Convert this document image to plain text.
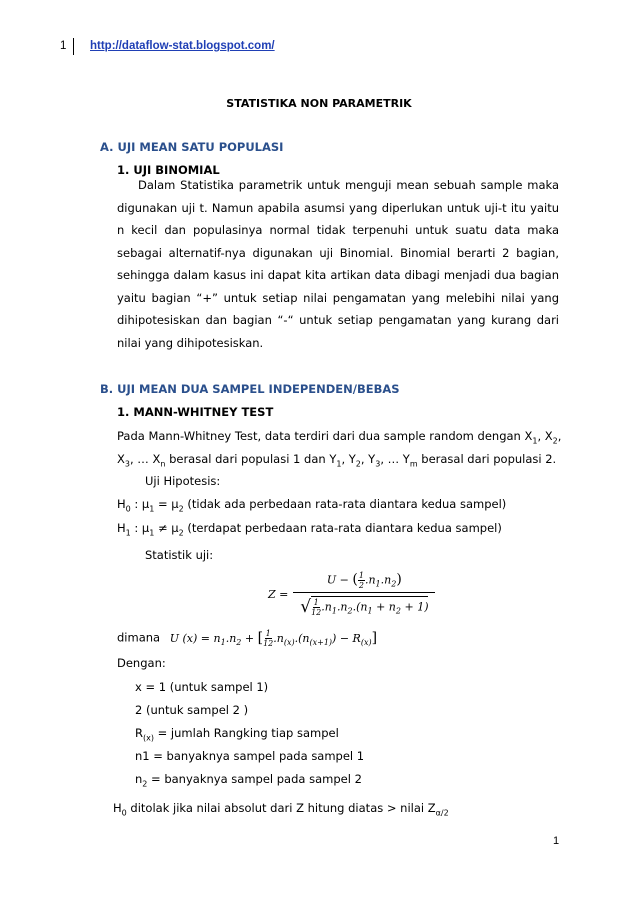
1 http://dataflow-stat.blogspot.com/
STATISTIKA NON PARAMETRIK
A. UJI MEAN SATU POPULASI
1. UJI BINOMIAL
Dalam Statistika parametrik untuk menguji mean sebuah sample maka digunakan uji t. Namun apabila asumsi yang diperlukan untuk uji-t itu yaitu n kecil dan populasinya normal tidak terpenuhi untuk suatu data maka sebagai alternatif-nya digunakan uji Binomial. Binomial berarti 2 bagian, sehingga dalam kasus ini dapat kita artikan data dibagi menjadi dua bagian yaitu bagian “+” untuk setiap nilai pengamatan yang melebihi nilai yang dihipotesiskan dan bagian “-“ untuk setiap pengamatan yang kurang dari nilai yang dihipotesiskan.
B. UJI MEAN DUA SAMPEL INDEPENDEN/BEBAS
1. MANN-WHITNEY TEST
Pada Mann-Whitney Test, data terdiri dari dua sample random dengan $X_1$, $X_2$,
$X_3$, … $X_n$ berasal dari populasi 1 dan $Y_1$, $Y_2$, $Y_3$, … $Y_m$ berasal dari populasi 2.
Uji Hipotesis:
$H_0$ : $\mu_1 = \mu_2$ (tidak ada perbedaan rata-rata diantara kedua sampel)
$H_1$ : $\mu_1 \ne \mu_2$ (terdapat perbedaan rata-rata diantara kedua sampel)
Statistik uji:
Z =
U − ( $\frac{1}{2} .n_1.n_2$)
√ $\frac{1}{12} .n_1.n_2.(n_1 + n_2 + 1)$
dimana U $(x) = n_1.n_2$ + [ $\frac{1}{12} .n_{(x)}.(n_{(x+1)}) - R_{(x)}$]
Dengan:
x = 1 (untuk sampel 1)
2 (untuk sampel 2 )
$R_{(x)}$ = jumlah Rangking tiap sampel
n1 = banyaknya sampel pada sampel 1
$n_2$ = banyaknya sampel pada sampel 2
$H_0$ ditolak jika nilai absolut dari Z hitung diatas > nilai $Z_{\alpha/2}$
1
